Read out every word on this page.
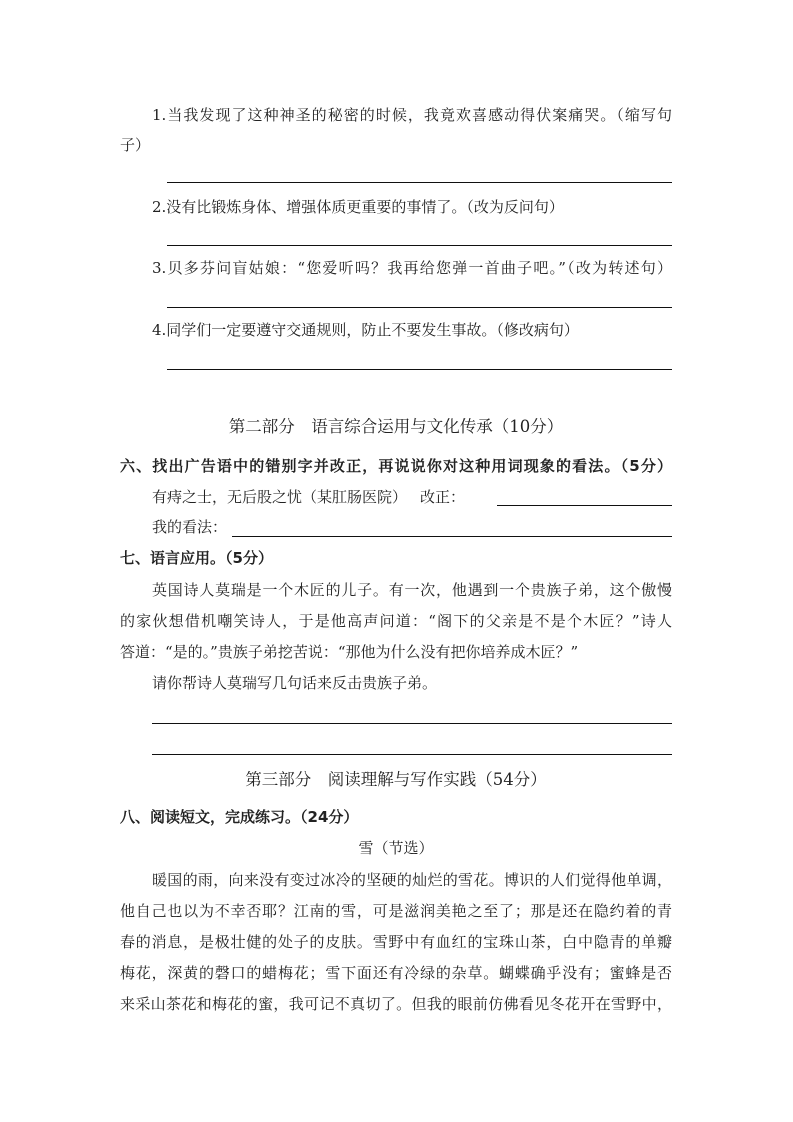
1.当我发现了这种神圣的秘密的时候，我竟欢喜感动得伏案痛哭。（缩写句
子）
2.没有比锻炼身体、增强体质更重要的事情了。（改为反问句）
3.贝多芬问盲姑娘：“您爱听吗？我再给您弹一首曲子吧。”（改为转述句）
4.同学们一定要遵守交通规则，防止不要发生事故。（修改病句）
第二部分　语言综合运用与文化传承（10分）
六、找出广告语中的错别字并改正，再说说你对这种用词现象的看法。（5分）
有痔之士，无后股之忧（某肛肠医院） 改正：
我的看法：
七、语言应用。（5分）
英国诗人莫瑞是一个木匠的儿子。有一次，他遇到一个贵族子弟，这个傲慢
的家伙想借机嘲笑诗人，于是他高声问道：“阁下的父亲是不是个木匠？”诗人
答道：“是的。”贵族子弟挖苦说：“那他为什么没有把你培养成木匠？”
请你帮诗人莫瑞写几句话来反击贵族子弟。
第三部分　阅读理解与写作实践（54分）
八、阅读短文，完成练习。（24分）
雪（节选）
暖国的雨，向来没有变过冰冷的坚硬的灿烂的雪花。博识的人们觉得他单调，
他自己也以为不幸否耶？江南的雪，可是滋润美艳之至了；那是还在隐约着的青
春的消息，是极壮健的处子的皮肤。雪野中有血红的宝珠山茶，白中隐青的单瓣
梅花，深黄的磬口的蜡梅花；雪下面还有冷绿的杂草。蝴蝶确乎没有；蜜蜂是否
来采山茶花和梅花的蜜，我可记不真切了。但我的眼前仿佛看见冬花开在雪野中，
